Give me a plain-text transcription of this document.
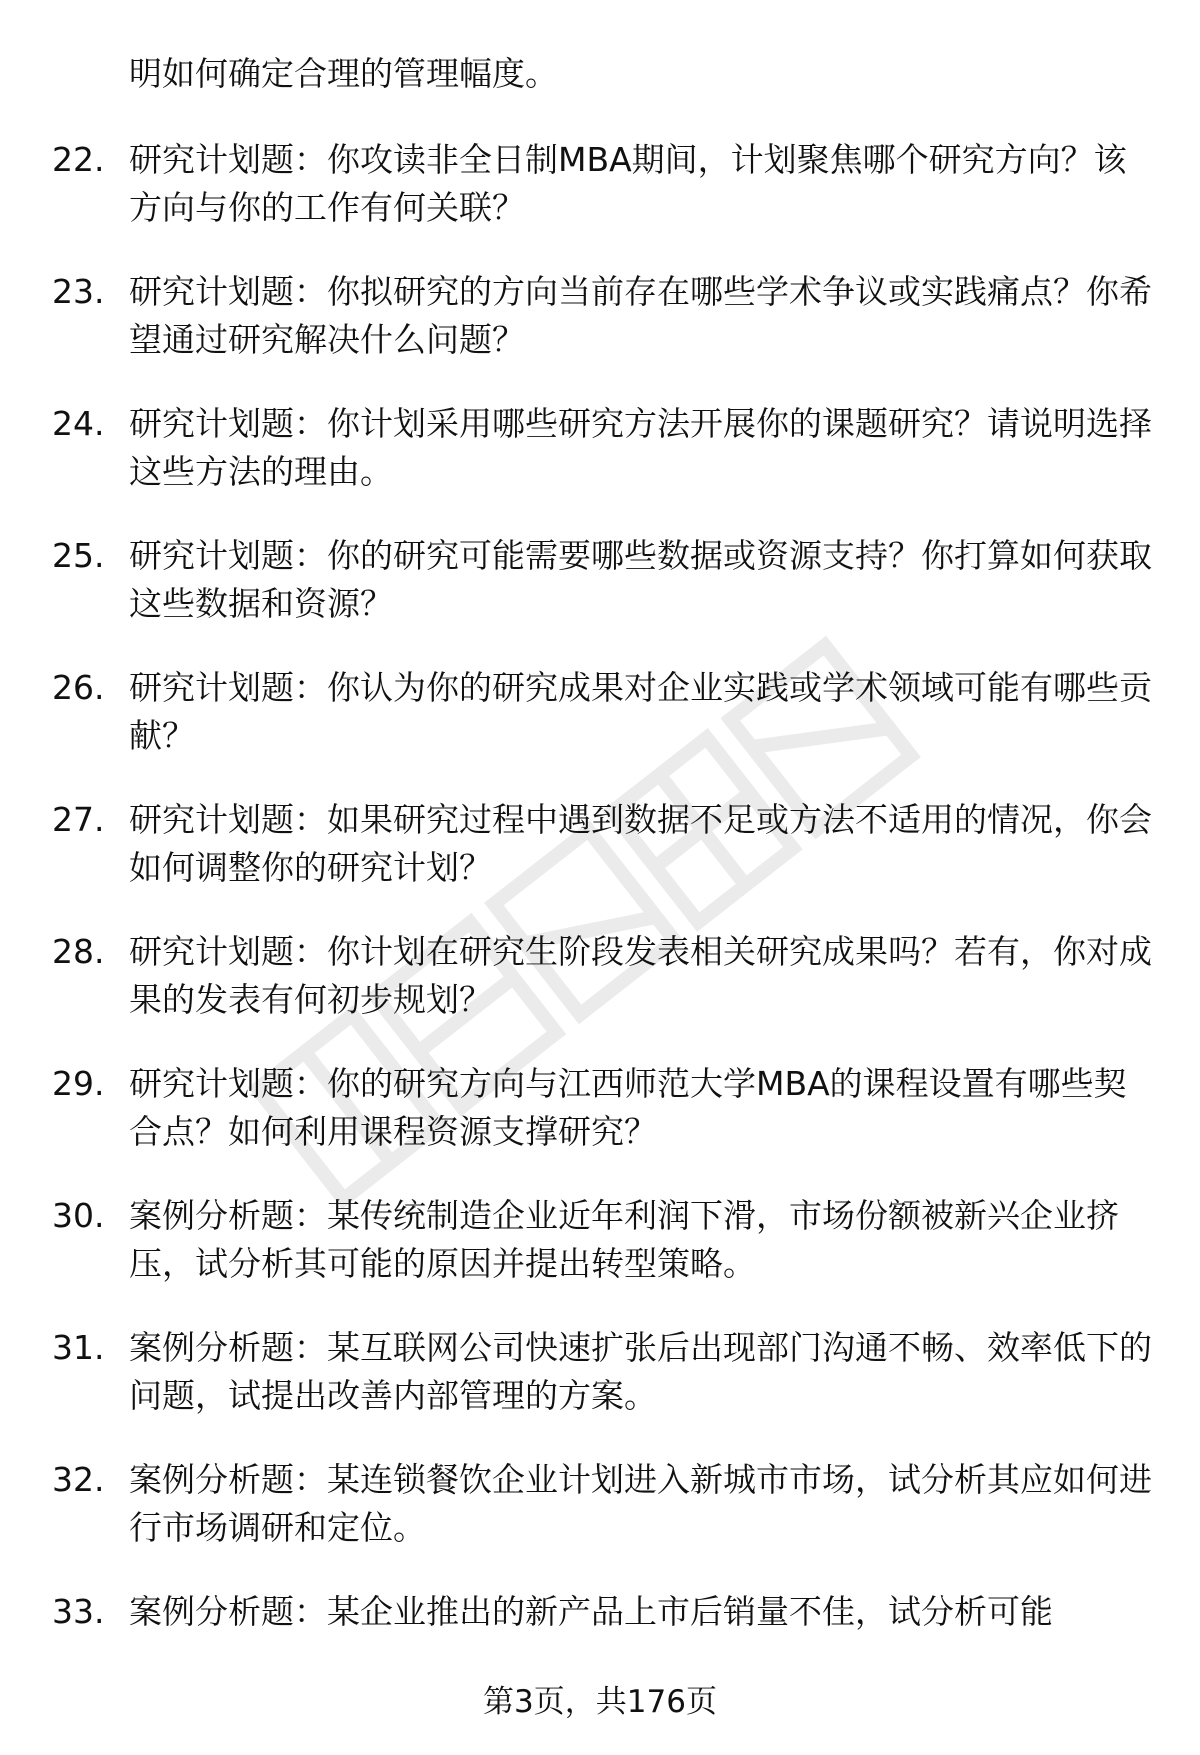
明如何确定合理的管理幅度。
22. 研究计划题：你攻读非全日制MBA期间，计划聚焦哪个研究方向？该方向与你的工作有何关联？
23. 研究计划题：你拟研究的方向当前存在哪些学术争议或实践痛点？你希望通过研究解决什么问题？
24. 研究计划题：你计划采用哪些研究方法开展你的课题研究？请说明选择这些方法的理由。
25. 研究计划题：你的研究可能需要哪些数据或资源支持？你打算如何获取这些数据和资源？
26. 研究计划题：你认为你的研究成果对企业实践或学术领域可能有哪些贡献？
27. 研究计划题：如果研究过程中遇到数据不足或方法不适用的情况，你会如何调整你的研究计划？
28. 研究计划题：你计划在研究生阶段发表相关研究成果吗？若有，你对成果的发表有何初步规划？
29. 研究计划题：你的研究方向与江西师范大学MBA的课程设置有哪些契合点？如何利用课程资源支撑研究？
30. 案例分析题：某传统制造企业近年利润下滑，市场份额被新兴企业挤压，试分析其可能的原因并提出转型策略。
31. 案例分析题：某互联网公司快速扩张后出现部门沟通不畅、效率低下的问题，试提出改善内部管理的方案。
32. 案例分析题：某连锁餐饮企业计划进入新城市市场，试分析其应如何进行市场调研和定位。
33. 案例分析题：某企业推出的新产品上市后销量不佳，试分析可能
第3页，共176页
